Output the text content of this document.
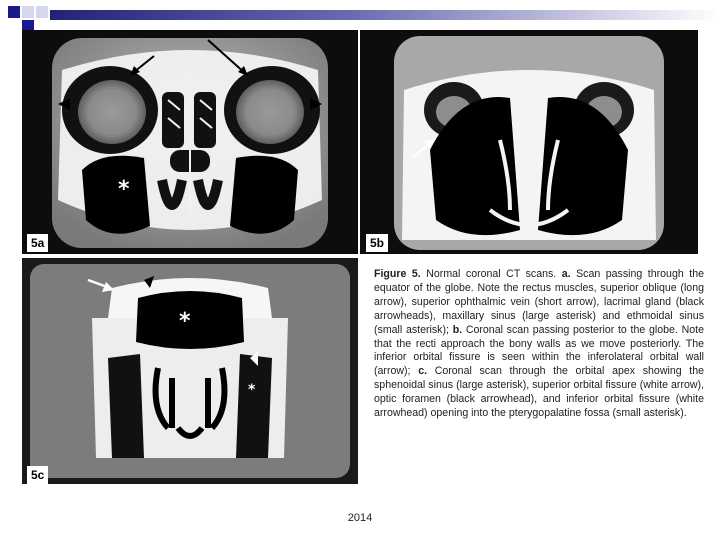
*
5a	5b
*
*
5c
Figure 5. Normal coronal CT scans. a. Scan passing through the equator of the globe. Note the rectus muscles, superior oblique (long arrow), superior ophthalmic vein (short arrow), lacrimal gland (black arrowheads), maxillary sinus (large asterisk) and ethmoidal sinus (small asterisk); b. Coronal scan passing posterior to the globe. Note that the recti approach the bony walls as we move posteriorly. The inferior orbital fissure is seen within the inferolateral orbital wall (arrow); c. Coronal scan through the orbital apex showing the sphenoidal sinus (large asterisk), superior orbital fissure (white arrow), optic foramen (black arrowhead), and inferior orbital fissure (white arrowhead) opening into the pterygopalatine fossa (small asterisk).
2014
